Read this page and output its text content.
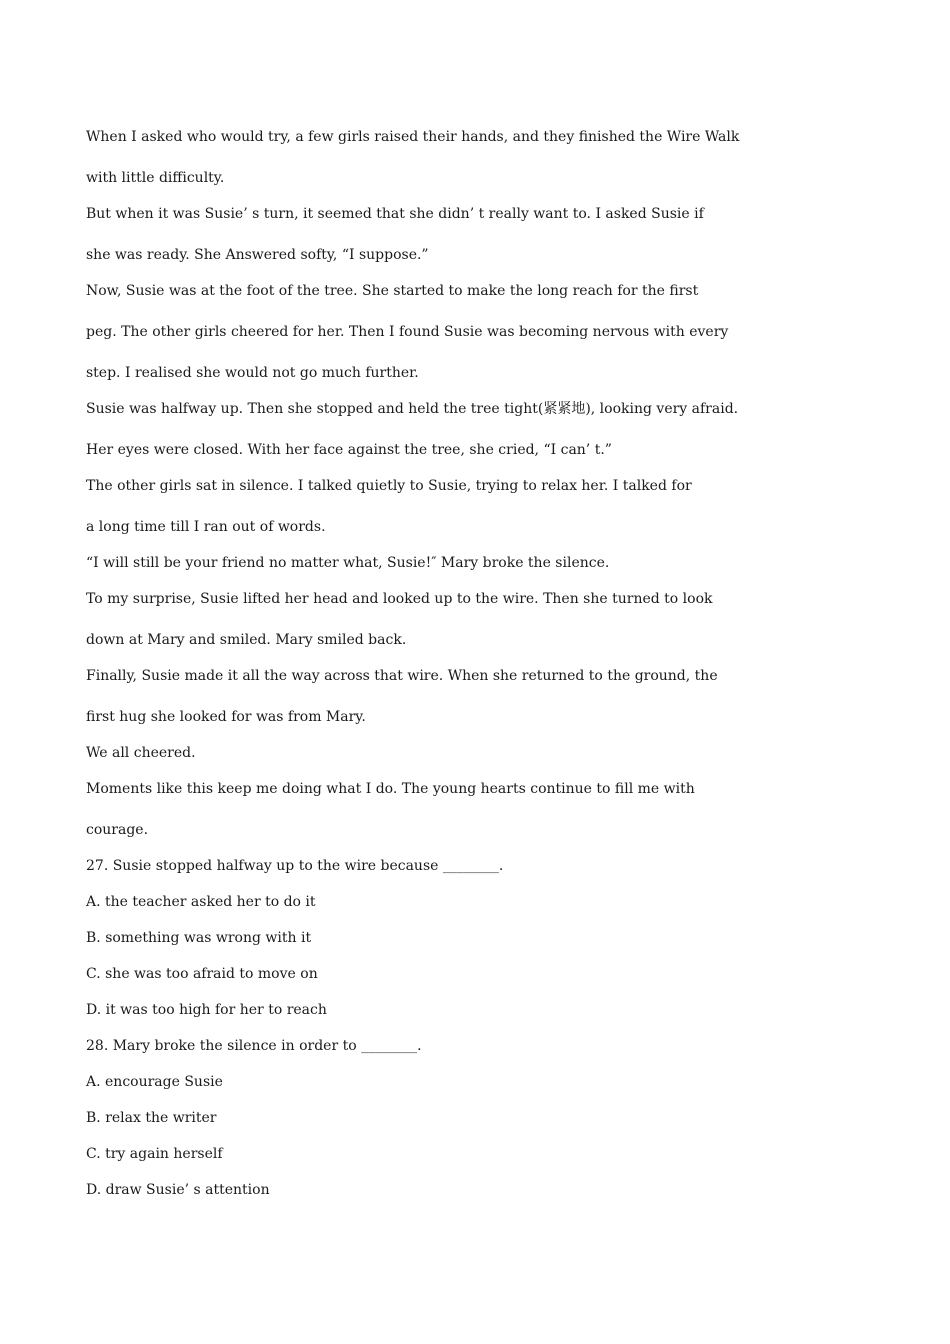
When I asked who would try, a few girls raised their hands, and they finished the Wire Walk
with little difficulty.
But when it was Susie’ s turn, it seemed that she didn’ t really want to. I asked Susie if
she was ready. She Answered softy, “I suppose.”
Now, Susie was at the foot of the tree. She started to make the long reach for the first
peg. The other girls cheered for her. Then I found Susie was becoming nervous with every
step. I realised she would not go much further.
Susie was halfway up. Then she stopped and held the tree tight(紧紧地), looking very afraid.
Her eyes were closed. With her face against the tree, she cried, “I can’ t.”
The other girls sat in silence. I talked quietly to Susie, trying to relax her. I talked for
a long time till I ran out of words.
“I will still be your friend no matter what, Susie!″ Mary broke the silence.
To my surprise, Susie lifted her head and looked up to the wire. Then she turned to look
down at Mary and smiled. Mary smiled back.
Finally, Susie made it all the way across that wire. When she returned to the ground, the
first hug she looked for was from Mary.
We all cheered.
Moments like this keep me doing what I do. The young hearts continue to fill me with
courage.
27. Susie stopped halfway up to the wire because ________.
A. the teacher asked her to do it
B. something was wrong with it
C. she was too afraid to move on
D. it was too high for her to reach
28. Mary broke the silence in order to ________.
A. encourage Susie
B. relax the writer
C. try again herself
D. draw Susie’ s attention
